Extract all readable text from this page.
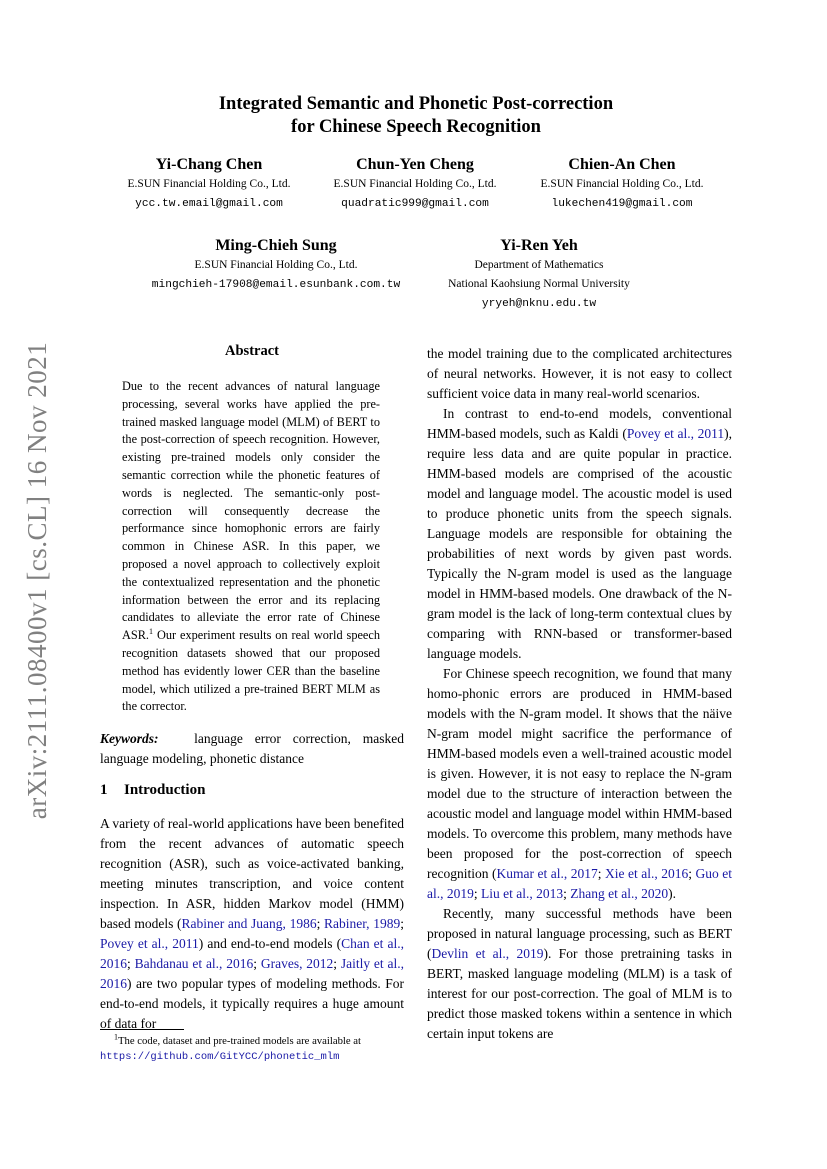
arXiv:2111.08400v1 [cs.CL] 16 Nov 2021
Integrated Semantic and Phonetic Post-correction
for Chinese Speech Recognition
Yi-Chang Chen
E.SUN Financial Holding Co., Ltd.
ycc.tw.email@gmail.com
Chun-Yen Cheng
E.SUN Financial Holding Co., Ltd.
quadratic999@gmail.com
Chien-An Chen
E.SUN Financial Holding Co., Ltd.
lukechen419@gmail.com
Ming-Chieh Sung
E.SUN Financial Holding Co., Ltd.
mingchieh-17908@email.esunbank.com.tw
Yi-Ren Yeh
Department of Mathematics
National Kaohsiung Normal University
yryeh@nknu.edu.tw
Abstract
Due to the recent advances of natural language processing, several works have applied the pre-trained masked language model (MLM) of BERT to the post-correction of speech recognition. However, existing pre-trained models only consider the semantic correction while the phonetic features of words is neglected. The semantic-only post-correction will consequently decrease the performance since homophonic errors are fairly common in Chinese ASR. In this paper, we proposed a novel approach to collectively exploit the contextualized representation and the phonetic information between the error and its replacing candidates to alleviate the error rate of Chinese ASR.$^1$ Our experiment results on real world speech recognition datasets showed that our proposed method has evidently lower CER than the baseline model, which utilized a pre-trained BERT MLM as the corrector.
Keywords:	language error correction, masked language modeling, phonetic distance
1 Introduction

A variety of real-world applications have been benefited from the recent advances of automatic speech recognition (ASR), such as voice-activated banking, meeting minutes transcription, and voice content inspection. In ASR, hidden Markov model (HMM) based models (Rabiner and Juang, 1986; Rabiner, 1989; Povey et al., 2011) and end-to-end models (Chan et al., 2016; Bahdanau et al., 2016; Graves, 2012; Jaitly et al., 2016) are two popular types of modeling methods. For end-to-end models, it typically requires a huge amount of data for

$^1$The code, dataset and pre-trained models are available at
https://github.com/GitYCC/phonetic_mlm

the model training due to the complicated architectures of neural networks. However, it is not easy to collect sufficient voice data in many real-world scenarios.

In contrast to end-to-end models, conventional HMM-based models, such as Kaldi (Povey et al., 2011), require less data and are quite popular in practice. HMM-based models are comprised of the acoustic model and language model. The acoustic model is used to produce phonetic units from the speech signals. Language models are responsible for obtaining the probabilities of next words by given past words. Typically the N-gram model is used as the language model in HMM-based models. One drawback of the N-gram model is the lack of long-term contextual clues by comparing with RNN-based or transformer-based language models.

For Chinese speech recognition, we found that many homo-phonic errors are produced in HMM-based models with the N-gram model. It shows that the näive N-gram model might sacrifice the performance of HMM-based models even a well-trained acoustic model is given. However, it is not easy to replace the N-gram model due to the structure of interaction between the acoustic model and language model within HMM-based models. To overcome this problem, many methods have been proposed for the post-correction of speech recognition (Kumar et al., 2017; Xie et al., 2016; Guo et al., 2019; Liu et al., 2013; Zhang et al., 2020).

Recently, many successful methods have been proposed in natural language processing, such as BERT (Devlin et al., 2019). For those pretraining tasks in BERT, masked language modeling (MLM) is a task of interest for our post-correction. The goal of MLM is to predict those masked tokens within a sentence in which certain input tokens are
